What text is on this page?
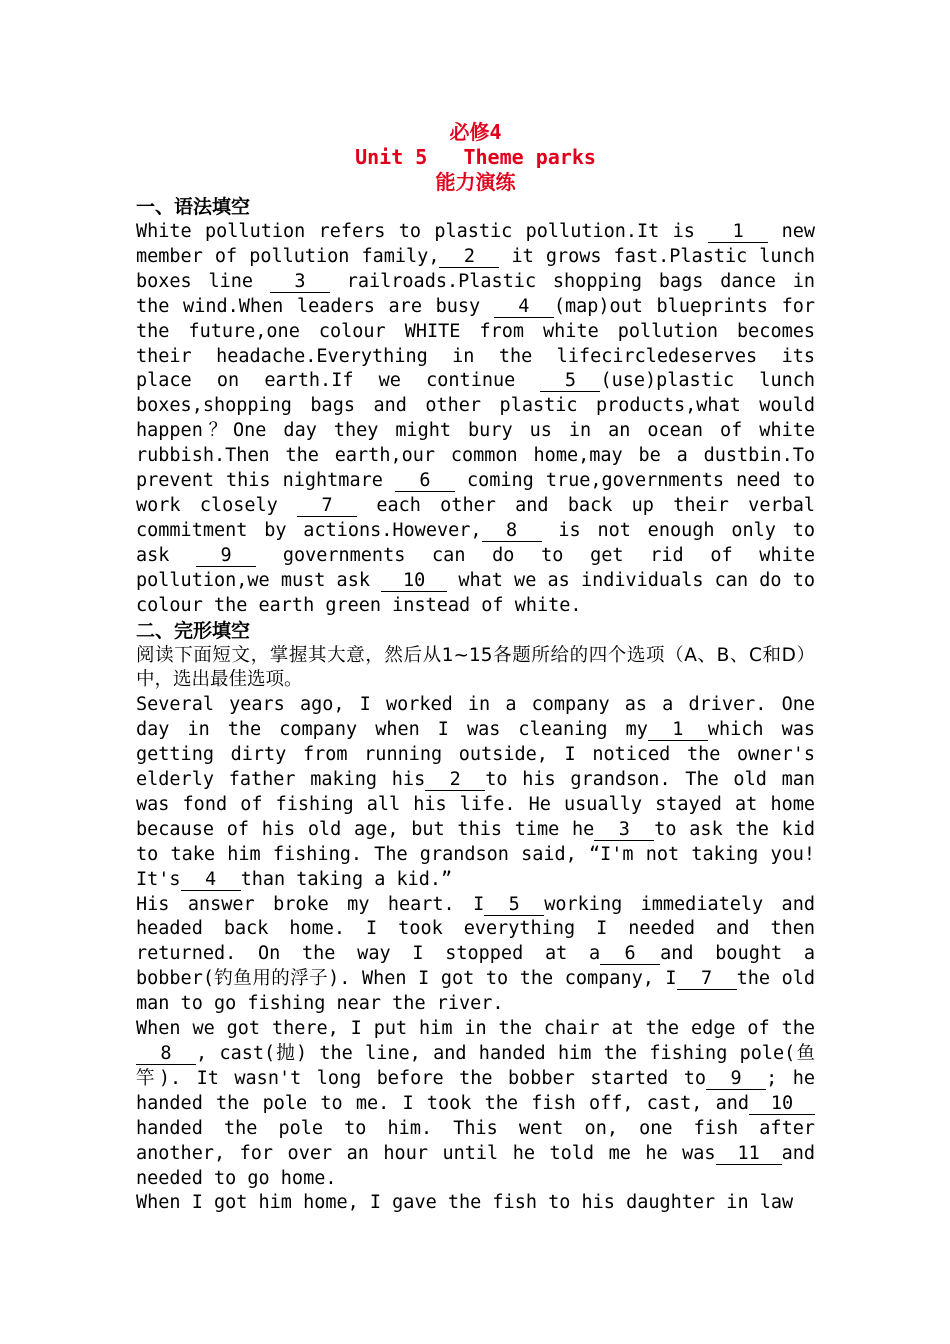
必修4

Unit 5   Theme parks

能力演练

一、语法填空

White pollution refers to plastic pollution.It is 1 new member of pollution family, 2 it grows fast.Plastic lunch boxes line 3 railroads.Plastic shopping bags dance in the wind.When leaders are busy 4 (map)out blueprints for the future,one colour WHITE from white pollution becomes their headache.Everything in the lifecircledeserves its place on earth.If we continue 5 (use)plastic lunch boxes,shopping bags and other plastic products,what would happen？One day they might bury us in an ocean of white rubbish.Then the earth,our common home,may be a dustbin.To prevent this nightmare 6 coming true,governments need to work closely 7 each other and back up their verbal commitment by actions.However, 8 is not enough only to ask 9 governments can do to get rid of white pollution,we must ask 10 what we as individuals can do to colour the earth green instead of white.

二、完形填空

阅读下面短文，掌握其大意，然后从1~15各题所给的四个选项（A、B、C和D）中，选出最佳选项。

Several years ago, I worked in a company as a driver. One day in the company when I was cleaning my 1 which was getting dirty from running outside, I noticed the owner's elderly father making his 2 to his grandson. The old man was fond of fishing all his life. He usually stayed at home because of his old age, but this time he 3 to ask the kid to take him fishing. The grandson said, “I'm not taking you! It's 4 than taking a kid.”

His answer broke my heart. I 5 working immediately and headed back home. I took everything I needed and then returned. On the way I stopped at a 6 and bought a bobber(钓鱼用的浮子). When I got to the company, I 7 the old man to go fishing near the river.

When we got there, I put him in the chair at the edge of the 8 , cast(抛) the line, and handed him the fishing pole(鱼竿). It wasn't long before the bobber started to 9 ; he handed the pole to me. I took the fish off, cast, and 10 handed the pole to him. This went on, one fish after another, for over an hour until he told me he was 11 and needed to go home.

When I got him home, I gave the fish to his daughter in law
